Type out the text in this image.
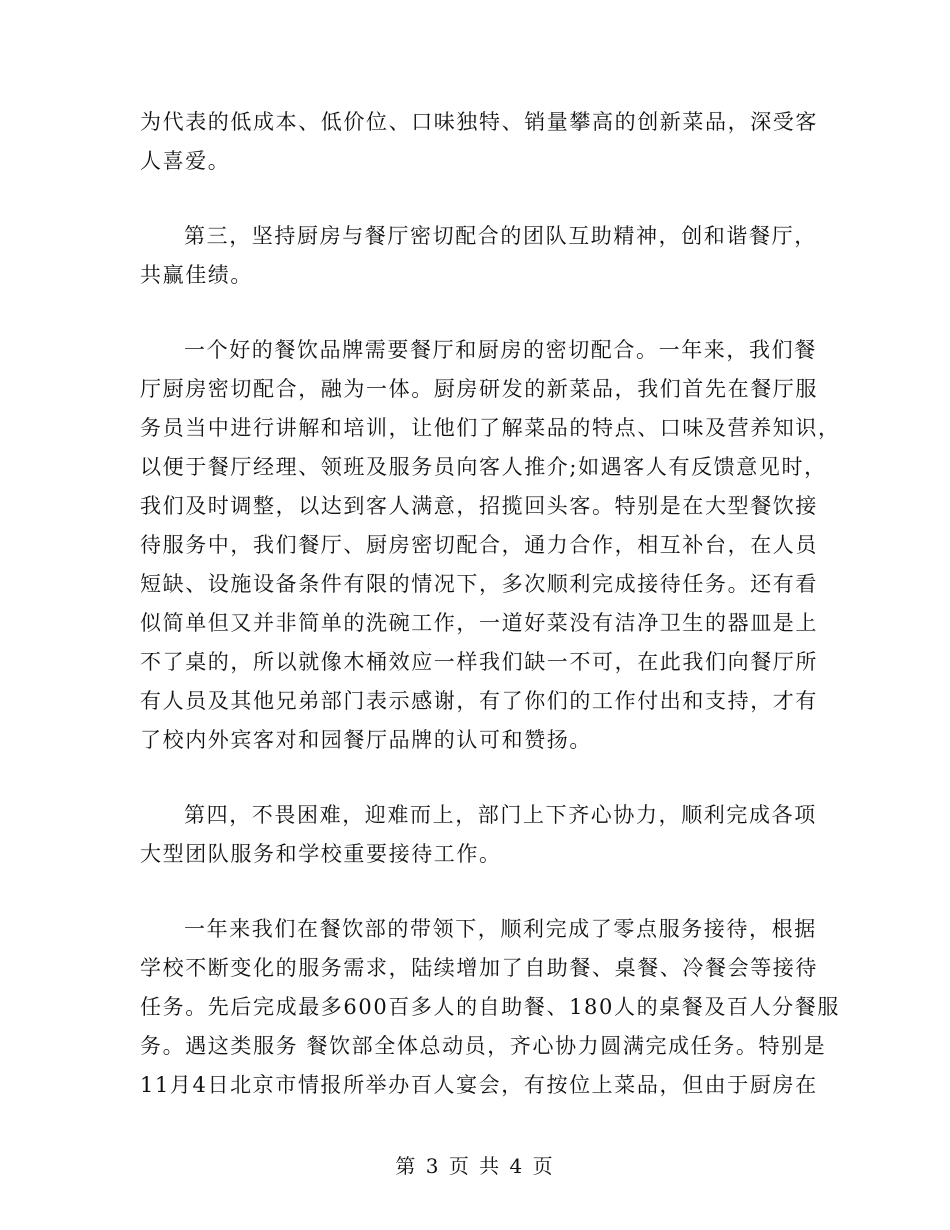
为代表的低成本、低价位、口味独特、销量攀高的创新菜品，深受客
人喜爱。

第三，坚持厨房与餐厅密切配合的团队互助精神，创和谐餐厅，
共赢佳绩。

一个好的餐饮品牌需要餐厅和厨房的密切配合。一年来，我们餐
厅厨房密切配合，融为一体。厨房研发的新菜品，我们首先在餐厅服
务员当中进行讲解和培训，让他们了解菜品的特点、口味及营养知识，
以便于餐厅经理、领班及服务员向客人推介;如遇客人有反馈意见时，
我们及时调整，以达到客人满意，招揽回头客。特别是在大型餐饮接
待服务中，我们餐厅、厨房密切配合，通力合作，相互补台，在人员
短缺、设施设备条件有限的情况下，多次顺利完成接待任务。还有看
似简单但又并非简单的洗碗工作，一道好菜没有洁净卫生的器皿是上
不了桌的，所以就像木桶效应一样我们缺一不可，在此我们向餐厅所
有人员及其他兄弟部门表示感谢，有了你们的工作付出和支持，才有
了校内外宾客对和园餐厅品牌的认可和赞扬。

第四，不畏困难，迎难而上，部门上下齐心协力，顺利完成各项
大型团队服务和学校重要接待工作。

一年来我们在餐饮部的带领下，顺利完成了零点服务接待，根据
学校不断变化的服务需求，陆续增加了自助餐、桌餐、冷餐会等接待
任务。先后完成最多600百多人的自助餐、180人的桌餐及百人分餐服
务。遇这类服务 餐饮部全体总动员，齐心协力圆满完成任务。特别是
11月4日北京市情报所举办百人宴会，有按位上菜品，但由于厨房在

第 3 页 共 4 页
